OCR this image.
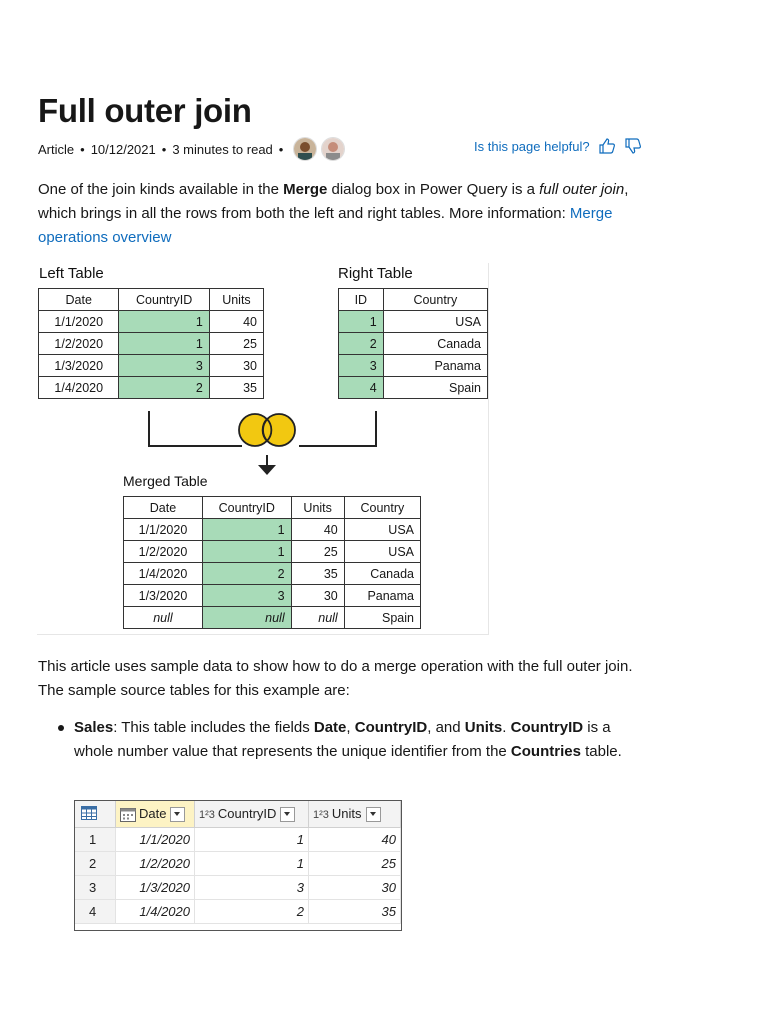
Full outer join
Article • 10/12/2021 • 3 minutes to read •	Is this page helpful?

One of the join kinds available in the Merge dialog box in Power Query is a full outer join, which brings in all the rows from both the left and right tables. More information: Merge operations overview

Left Table	Right Table
Date	CountryID	Units
1/1/2020	1	40
1/2/2020	1	25
1/3/2020	3	30
1/4/2020	2	35
ID	Country
1	USA
2	Canada
3	Panama
4	Spain
Merged Table
Date	CountryID	Units	Country
1/1/2020	1	40	USA
1/2/2020	1	25	USA
1/4/2020	2	35	Canada
1/3/2020	3	30	Panama
null	null	null	Spain

This article uses sample data to show how to do a merge operation with the full outer join. The sample source tables for this example are:

Sales: This table includes the fields Date, CountryID, and Units. CountryID is a whole number value that represents the unique identifier from the Countries table.

	Date	1²3 CountryID	1²3 Units
1	1/1/2020	1	40
2	1/2/2020	1	25
3	1/3/2020	3	30
4	1/4/2020	2	35
